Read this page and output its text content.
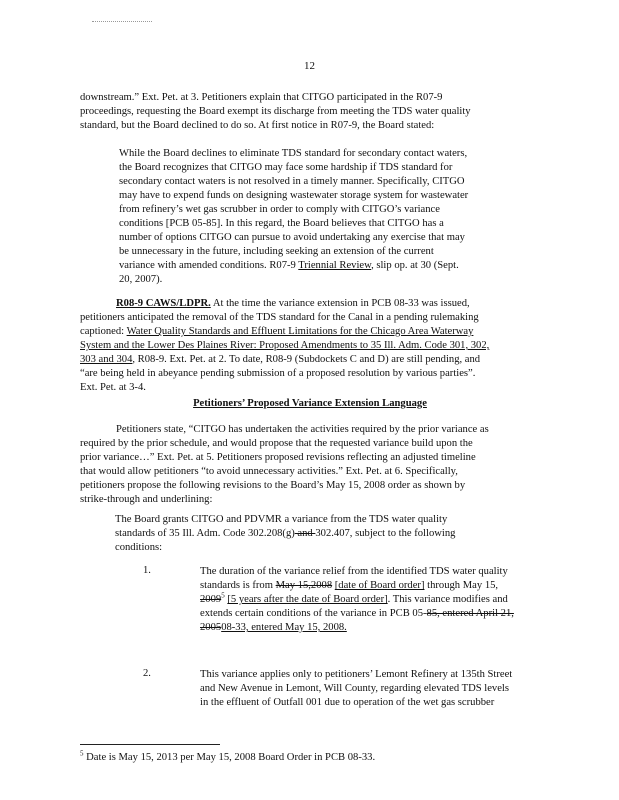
12
downstream.” Ext. Pet. at 3. Petitioners explain that CITGO participated in the R07-9
proceedings, requesting the Board exempt its discharge from meeting the TDS water quality
standard, but the Board declined to do so. At first notice in R07-9, the Board stated:
While the Board declines to eliminate TDS standard for secondary contact waters,
the Board recognizes that CITGO may face some hardship if TDS standard for
secondary contact waters is not resolved in a timely manner. Specifically, CITGO
may have to expend funds on designing wastewater storage system for wastewater
from refinery’s wet gas scrubber in order to comply with CITGO’s variance
conditions [PCB 05-85]. In this regard, the Board believes that CITGO has a
number of options CITGO can pursue to avoid undertaking any exercise that may
be unnecessary in the future, including seeking an extension of the current
variance with amended conditions. R07-9 Triennial Review, slip op. at 30 (Sept.
20, 2007).
R08-9 CAWS/LDPR. At the time the variance extension in PCB 08-33 was issued,
petitioners anticipated the removal of the TDS standard for the Canal in a pending rulemaking
captioned: Water Quality Standards and Effluent Limitations for the Chicago Area Waterway
System and the Lower Des Plaines River: Proposed Amendments to 35 Ill. Adm. Code 301, 302,
303 and 304, R08-9. Ext. Pet. at 2. To date, R08-9 (Subdockets C and D) are still pending, and
“are being held in abeyance pending submission of a proposed resolution by various parties”.
Ext. Pet. at 3-4.
Petitioners’ Proposed Variance Extension Language
Petitioners state, “CITGO has undertaken the activities required by the prior variance as
required by the prior schedule, and would propose that the requested variance build upon the
prior variance…” Ext. Pet. at 5. Petitioners proposed revisions reflecting an adjusted timeline
that would allow petitioners “to avoid unnecessary activities.” Ext. Pet. at 6. Specifically,
petitioners propose the following revisions to the Board’s May 15, 2008 order as shown by
strike-through and underlining:
The Board grants CITGO and PDVMR a variance from the TDS water quality
standards of 35 Ill. Adm. Code 302.208(g) and 302.407, subject to the following
conditions:
1.	The duration of the variance relief from the identified TDS water quality
standards is from May 15,2008 [date of Board order] through May 15,
2009$^5$ [5 years after the date of Board order]. This variance modifies and
extends certain conditions of the variance in PCB 05-85, entered April 21,
200508-33, entered May 15, 2008.
2.	This variance applies only to petitioners’ Lemont Refinery at 135th Street
and New Avenue in Lemont, Will County, regarding elevated TDS levels
in the effluent of Outfall 001 due to operation of the wet gas scrubber
$^5$ Date is May 15, 2013 per May 15, 2008 Board Order in PCB 08-33.
